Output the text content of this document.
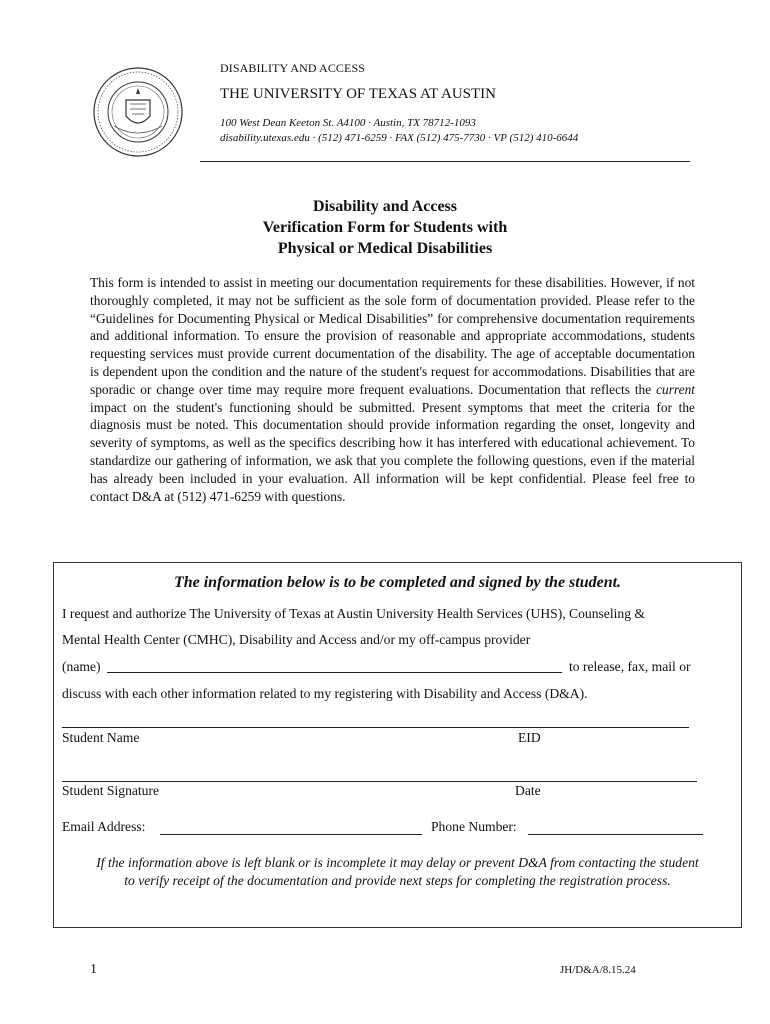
DISABILITY AND ACCESS
THE UNIVERSITY OF TEXAS AT AUSTIN
100 West Dean Keeton St. A4100 · Austin, TX 78712-1093
disability.utexas.edu · (512) 471-6259 · FAX (512) 475-7730 · VP (512) 410-6644
Disability and Access
Verification Form for Students with
Physical or Medical Disabilities
This form is intended to assist in meeting our documentation requirements for these disabilities. However, if not thoroughly completed, it may not be sufficient as the sole form of documentation provided. Please refer to the “Guidelines for Documenting Physical or Medical Disabilities” for comprehensive documentation requirements and additional information. To ensure the provision of reasonable and appropriate accommodations, students requesting services must provide current documentation of the disability. The age of acceptable documentation is dependent upon the condition and the nature of the student's request for accommodations. Disabilities that are sporadic or change over time may require more frequent evaluations. Documentation that reflects the current impact on the student's functioning should be submitted. Present symptoms that meet the criteria for the diagnosis must be noted. This documentation should provide information regarding the onset, longevity and severity of symptoms, as well as the specifics describing how it has interfered with educational achievement. To standardize our gathering of information, we ask that you complete the following questions, even if the material has already been included in your evaluation. All information will be kept confidential. Please feel free to contact D&A at (512) 471-6259 with questions.
The information below is to be completed and signed by the student.
I request and authorize The University of Texas at Austin University Health Services (UHS), Counseling &
Mental Health Center (CMHC), Disability and Access and/or my off-campus provider
(name)	to release, fax, mail or
discuss with each other information related to my registering with Disability and Access (D&A).
Student Name	EID
Student Signature	Date
Email Address:	Phone Number:
If the information above is left blank or is incomplete it may delay or prevent D&A from contacting the student
to verify receipt of the documentation and provide next steps for completing the registration process.
1	JH/D&A/8.15.24
